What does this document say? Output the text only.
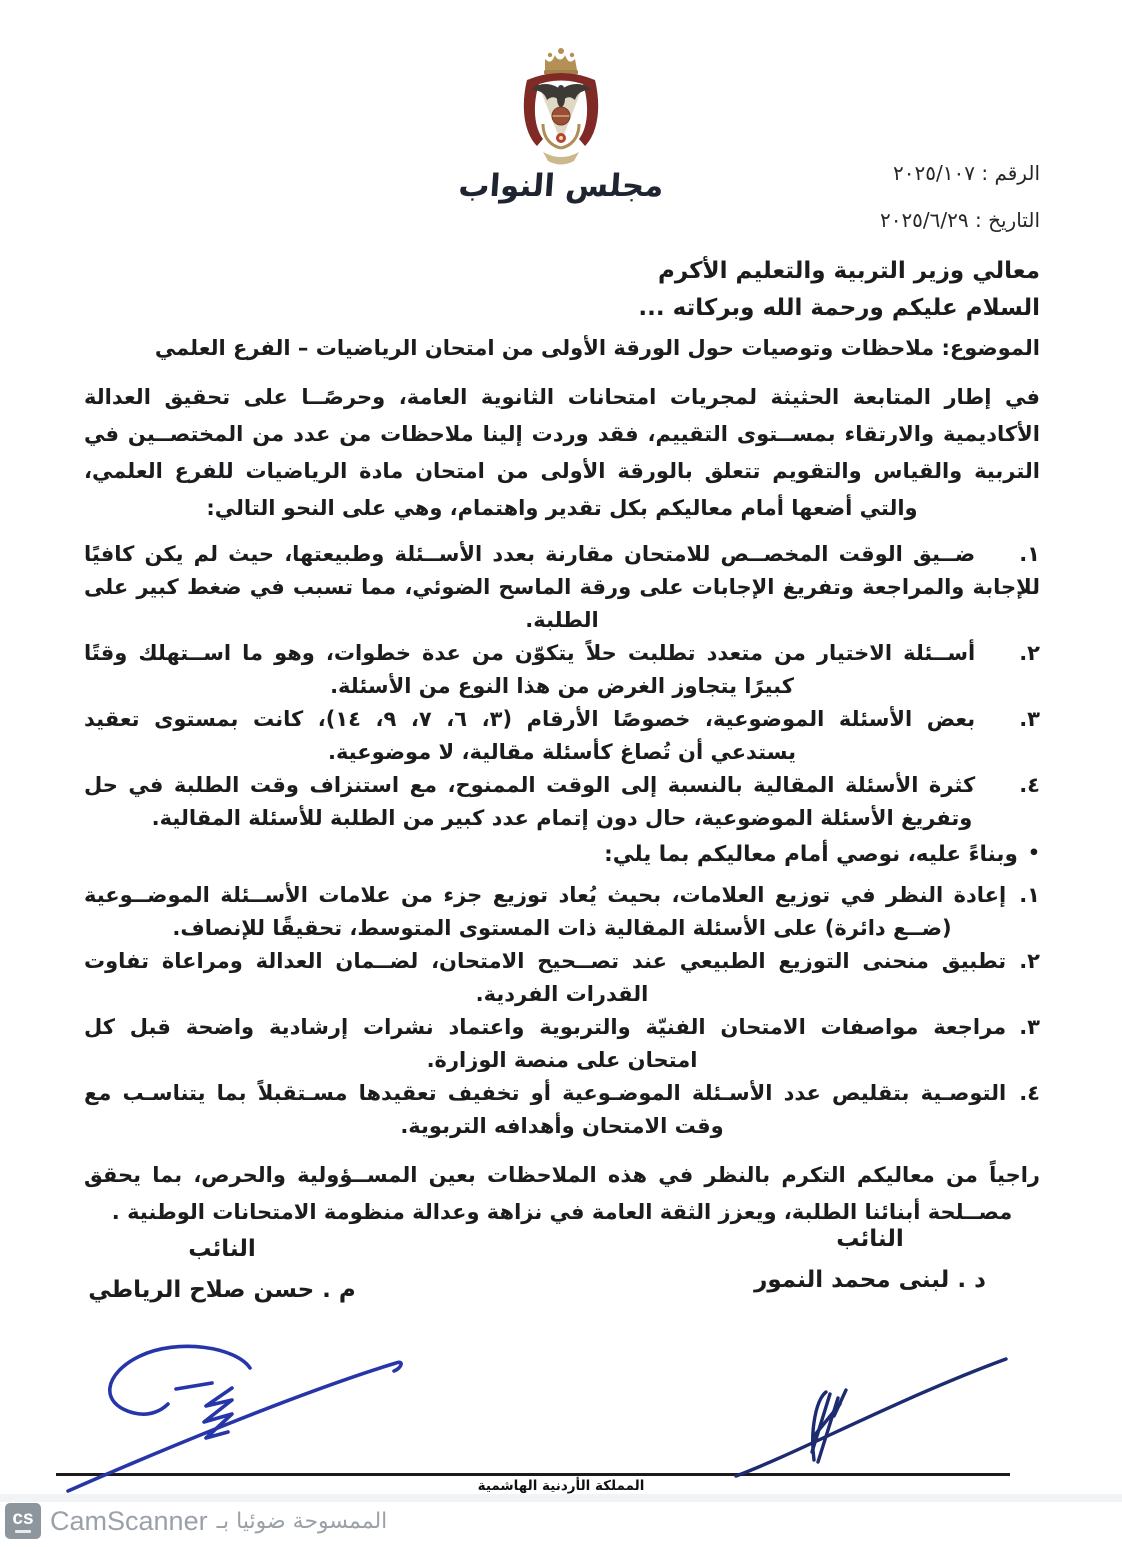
مجلس النواب	الرقم : ٢٠٢٥/١٠٧
التاريخ : ٢٠٢٥/٦/٢٩
معالي وزير التربية والتعليم الأكرم
السلام عليكم ورحمة الله وبركاته ...
الموضوع: ملاحظات وتوصيات حول الورقة الأولى من امتحان الرياضيات – الفرع العلمي
في إطار المتابعة الحثيثة لمجريات امتحانات الثانوية العامة، وحرصًــا على تحقيق العدالة الأكاديمية والارتقاء بمســتوى التقييم، فقد وردت إلينا ملاحظات من عدد من المختصــين في التربية والقياس والتقويم تتعلق بالورقة الأولى من امتحان مادة الرياضيات للفرع العلمي، والتي أضعها أمام معاليكم بكل تقدير واهتمام، وهي على النحو التالي:
١.ضــيق الوقت المخصــص للامتحان مقارنة بعدد الأســئلة وطبيعتها، حيث لم يكن كافيًا للإجابة والمراجعة وتفريغ الإجابات على ورقة الماسح الضوئي، مما تسبب في ضغط كبير على الطلبة.
٢.أســئلة الاختيار من متعدد تطلبت حلاً يتكوّن من عدة خطوات، وهو ما اســتهلك وقتًا كبيرًا يتجاوز الغرض من هذا النوع من الأسئلة.
٣.بعض الأسئلة الموضوعية، خصوصًا الأرقام (٣، ٦، ٧، ٩، ١٤)، كانت بمستوى تعقيد يستدعي أن تُصاغ كأسئلة مقالية، لا موضوعية.
٤.كثرة الأسئلة المقالية بالنسبة إلى الوقت الممنوح، مع استنزاف وقت الطلبة في حل وتفريغ الأسئلة الموضوعية، حال دون إتمام عدد كبير من الطلبة للأسئلة المقالية.
•وبناءً عليه، نوصي أمام معاليكم بما يلي:
١.إعادة النظر في توزيع العلامات، بحيث يُعاد توزيع جزء من علامات الأســئلة الموضــوعية (ضــع دائرة) على الأسئلة المقالية ذات المستوى المتوسط، تحقيقًا للإنصاف.
٢.تطبيق منحنى التوزيع الطبيعي عند تصــحيح الامتحان، لضــمان العدالة ومراعاة تفاوت القدرات الفردية.
٣.مراجعة مواصفات الامتحان الفنيّة والتربوية واعتماد نشرات إرشادية واضحة قبل كل امتحان على منصة الوزارة.
٤.التوصـية بتقليص عدد الأسـئلة الموضـوعية أو تخفيف تعقيدها مسـتقبلاً بما يتناسـب مع وقت الامتحان وأهدافه التربوية.
راجياً من معاليكم التكرم بالنظر في هذه الملاحظات بعين المســؤولية والحرص، بما يحقق مصــلحة أبنائنا الطلبة، ويعزز الثقة العامة في نزاهة وعدالة منظومة الامتحانات الوطنية .
النائب
د . لبنى محمد النمور
النائب
م . حسن صلاح الرياطي
المملكة الأردنية الهاشمية
cs CamScanner الممسوحة ضوئيا بـ
